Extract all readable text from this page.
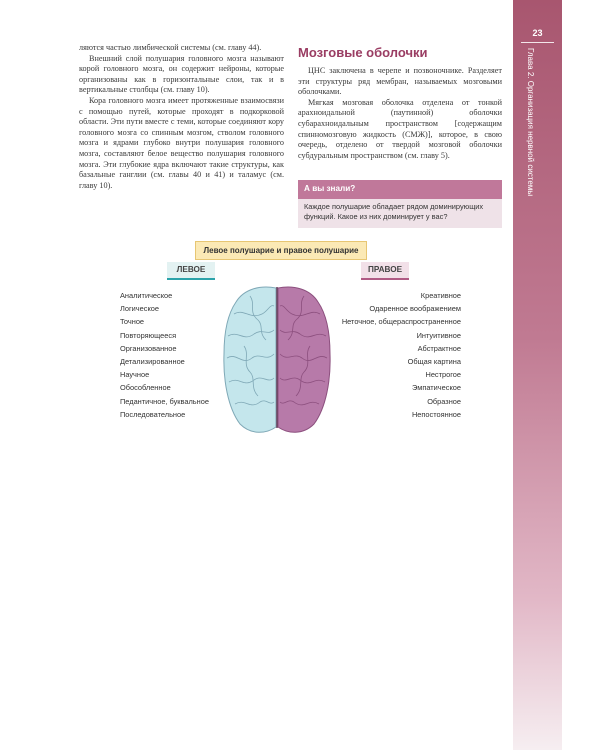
23
Глава 2. Организация нервной системы

ляются частью лимбической системы (см. главу 44).

Внешний слой полушария головного мозга называют корой головного мозга, он содержит нейроны, которые организованы как в горизонтальные слои, так и в вертикальные столбцы (см. главу 10).

Кора головного мозга имеет протяженные взаимосвязи с помощью путей, которые проходят в подкорковой области. Эти пути вместе с теми, которые соединяют кору головного мозга со спинным мозгом, стволом головного мозга и ядрами глубоко внутри полушария головного мозга, составляют белое вещество полушария головного мозга. Эти глубокие ядра включают такие структуры, как базальные ганглии (см. главы 40 и 41) и таламус (см. главу 10).

Мозговые оболочки

ЦНС заключена в черепе и позвоночнике. Разделяет эти структуры ряд мембран, называемых мозговыми оболочками.

Мягкая мозговая оболочка отделена от тонкой арахноидальной (паутинной) оболочки субарахноидальным пространством [содержащим спинномозговую жидкость (СМЖ)], которое, в свою очередь, отделено от твердой мозговой оболочки субдуральным пространством (см. главу 5).

А вы знали?
Каждое полушарие обладает рядом доминирующих функций. Какое из них доминирует у вас?
Левое полушарие и правое полушарие
ЛЕВОЕ	ПРАВОЕ
Аналитическое
Логическое
Точное
Повторяющееся
Организованное
Детализированное
Научное
Обособленное
Педантичное, буквальное
Последовательное
Креативное
Одаренное воображением
Неточное, общераспространенное
Интуитивное
Абстрактное
Общая картина
Нестрогое
Эмпатическое
Образное
Непостоянное
